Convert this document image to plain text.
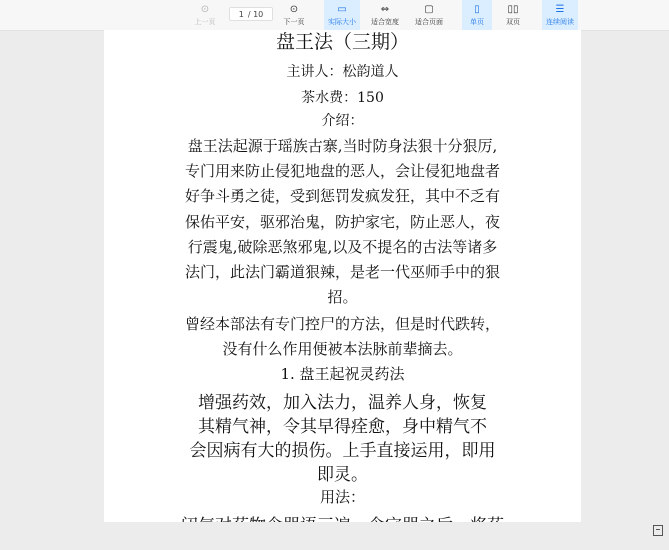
⊙
上一页
1 / 10	⊙
下一页
▭
实际大小
⇔
适合宽度
▢
适合页面
▯
单页
▯▯
双页
☰
连续阅读
盘王法（三期）
主讲人：松韵道人
茶水费：150
介绍：
盘王法起源于瑶族古寨,当时防身法狠十分狠厉,
专门用来防止侵犯地盘的恶人，会让侵犯地盘者
好争斗勇之徒，受到惩罚发疯发狂，其中不乏有
保佑平安，驱邪治鬼，防护家宅，防止恶人，夜
行震鬼,破除恶煞邪鬼,以及不提名的古法等诸多
法门，此法门霸道狠辣，是老一代巫师手中的狠
招。
曾经本部法有专门控尸的方法，但是时代跌转，
没有什么作用便被本法脉前辈摘去。
1. 盘王起祝灵药法
增强药效，加入法力，温养人身，恢复
其精气神，令其早得痊愈，身中精气不
会因病有大的损伤。上手直接运用，即用
即灵。
用法：
